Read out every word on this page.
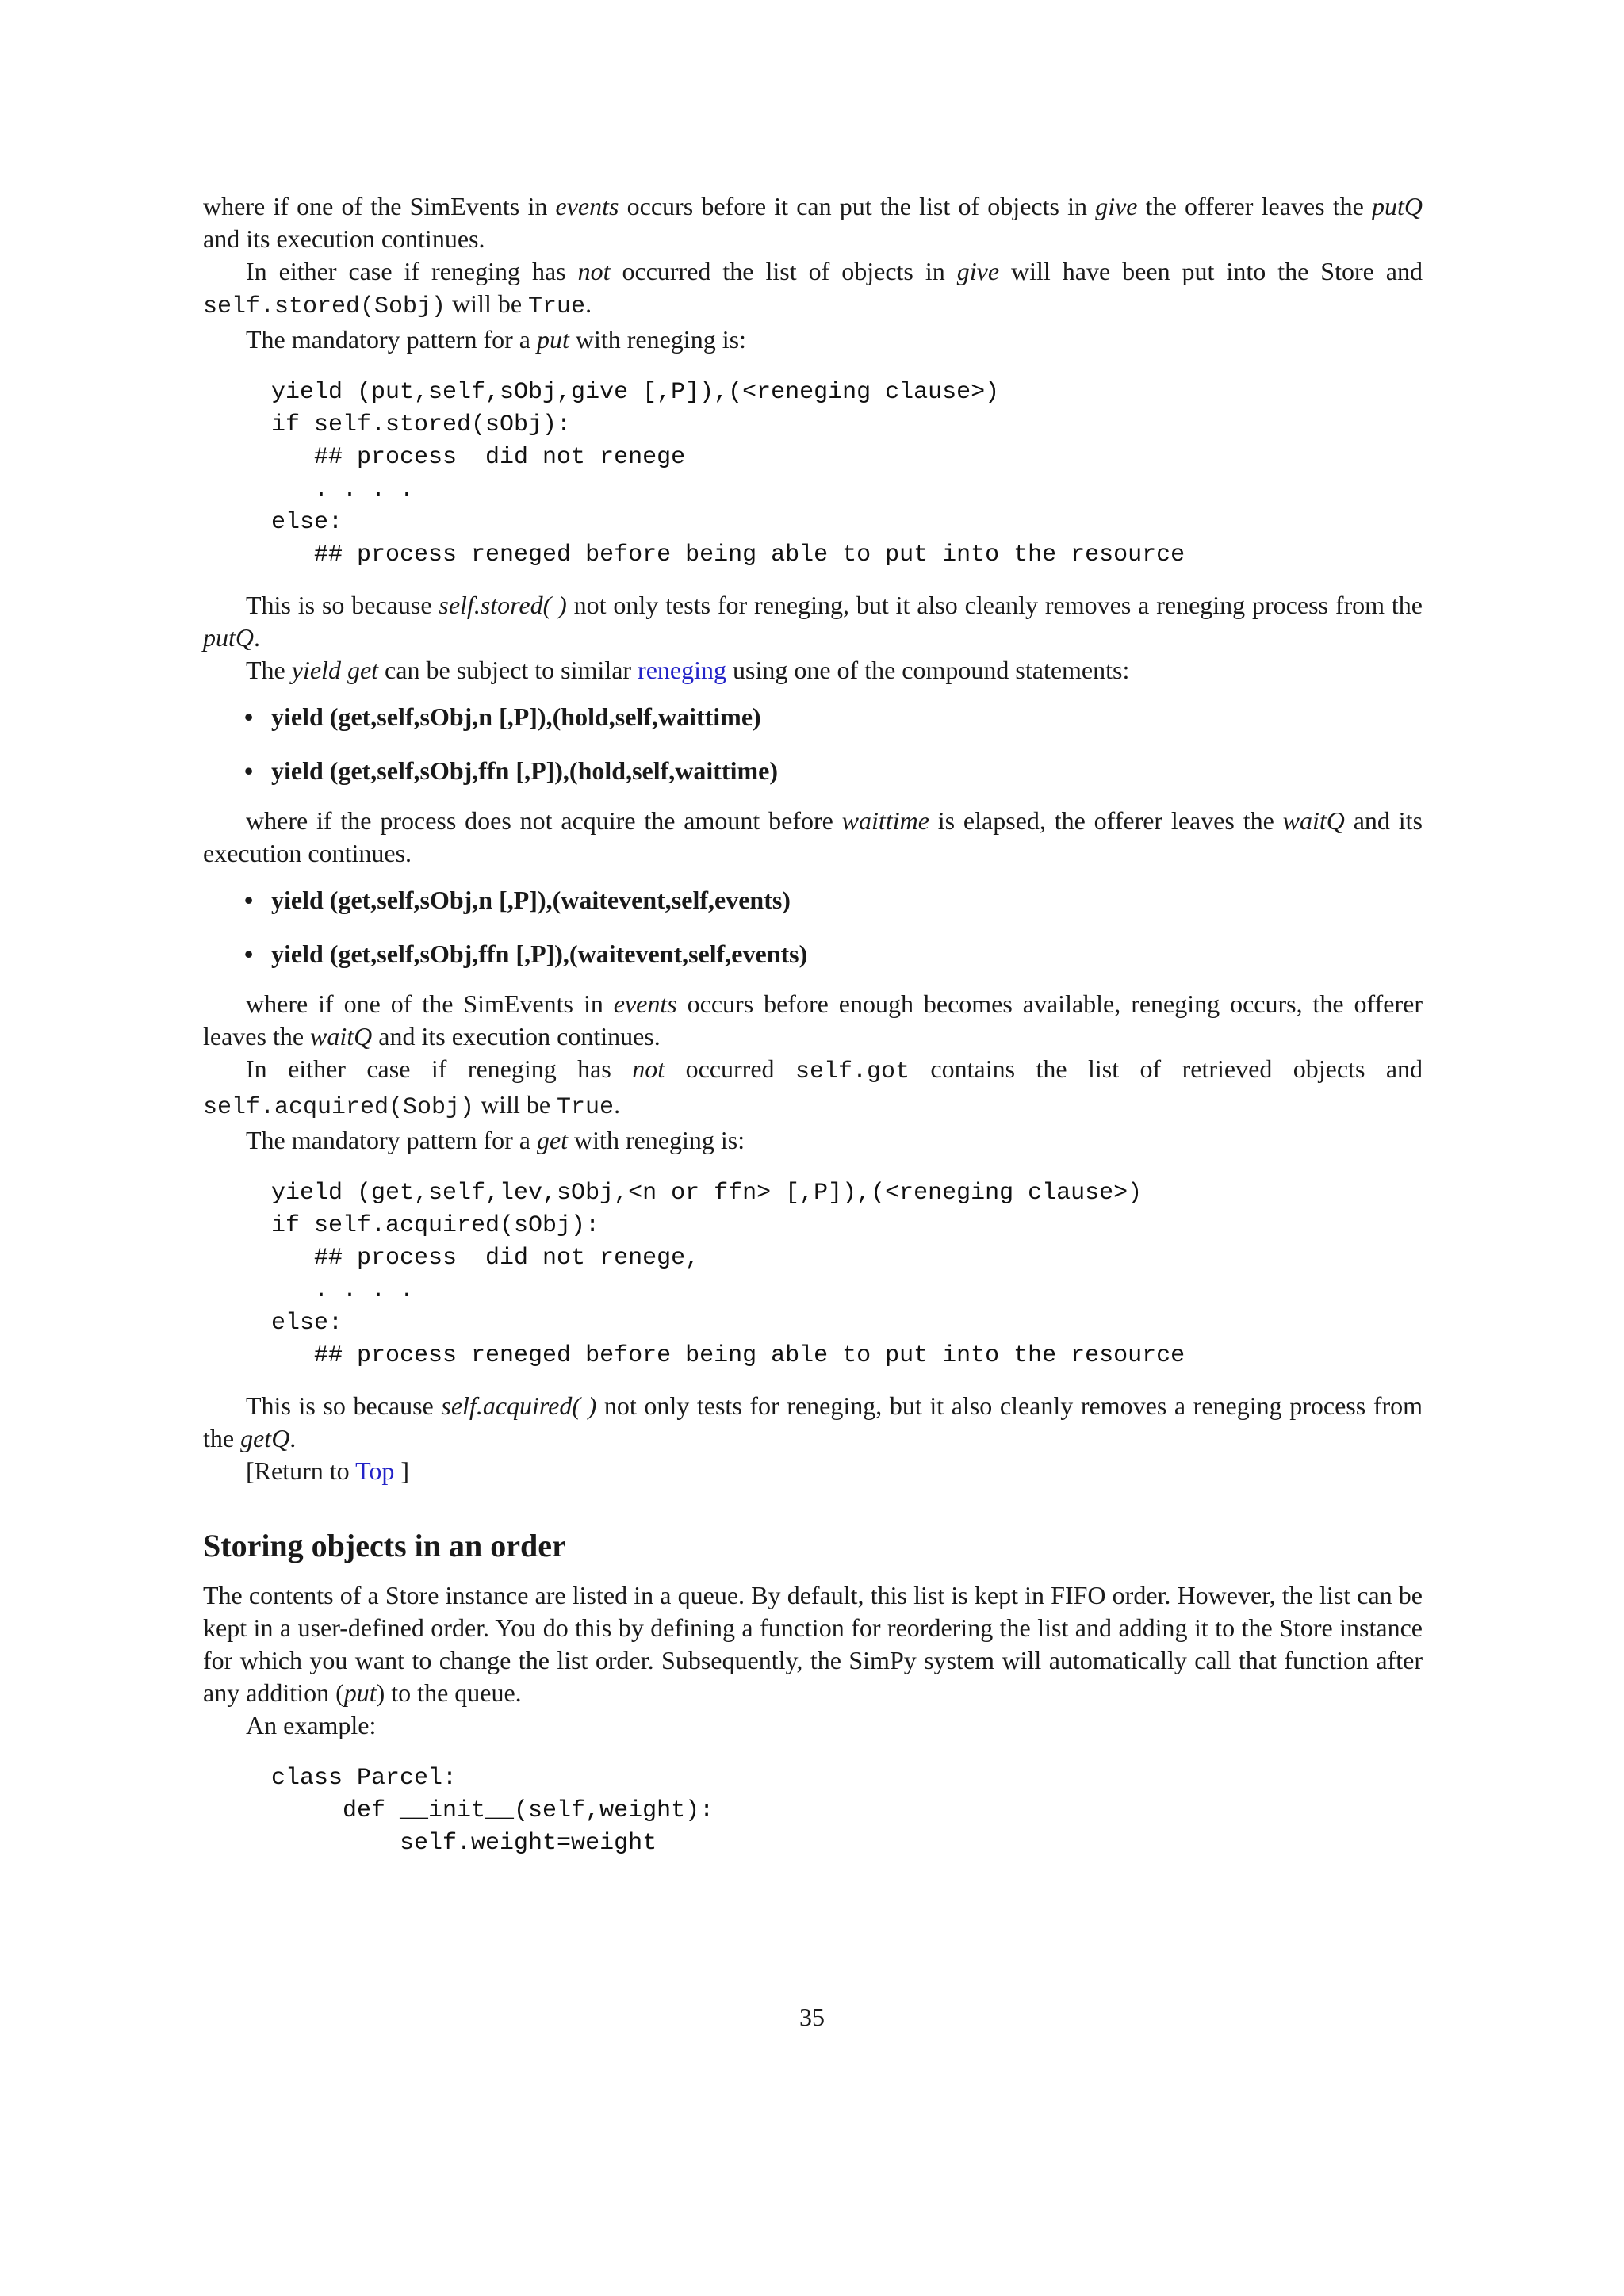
where if one of the SimEvents in events occurs before it can put the list of objects in give the offerer leaves the putQ and its execution continues.

In either case if reneging has not occurred the list of objects in give will have been put into the Store and self.stored(Sobj) will be True.

The mandatory pattern for a put with reneging is:

yield (put,self,sObj,give [,P]),(<reneging clause>)
if self.stored(sObj):
## process  did not renege
. . . .
else:
## process reneged before being able to put into the resource

This is so because self.stored( ) not only tests for reneging, but it also cleanly removes a reneging process from the putQ.

The yield get can be subject to similar reneging using one of the compound statements:

• yield (get,self,sObj,n [,P]),(hold,self,waittime)
• yield (get,self,sObj,ffn [,P]),(hold,self,waittime)

where if the process does not acquire the amount before waittime is elapsed, the offerer leaves the waitQ and its execution continues.

• yield (get,self,sObj,n [,P]),(waitevent,self,events)
• yield (get,self,sObj,ffn [,P]),(waitevent,self,events)

where if one of the SimEvents in events occurs before enough becomes available, reneging occurs, the offerer leaves the waitQ and its execution continues.

In either case if reneging has not occurred self.got contains the list of retrieved objects and self.acquired(Sobj) will be True.

The mandatory pattern for a get with reneging is:

yield (get,self,lev,sObj,<n or ffn> [,P]),(<reneging clause>)
if self.acquired(sObj):
## process  did not renege,
. . . .
else:
## process reneged before being able to put into the resource

This is so because self.acquired( ) not only tests for reneging, but it also cleanly removes a reneging process from the getQ.

[Return to Top ]

Storing objects in an order

The contents of a Store instance are listed in a queue. By default, this list is kept in FIFO order. However, the list can be kept in a user-defined order. You do this by defining a function for reordering the list and adding it to the Store instance for which you want to change the list order. Subsequently, the SimPy system will automatically call that function after any addition (put) to the queue.

An example:

class Parcel:
def __init__(self,weight):
self.weight=weight
35
